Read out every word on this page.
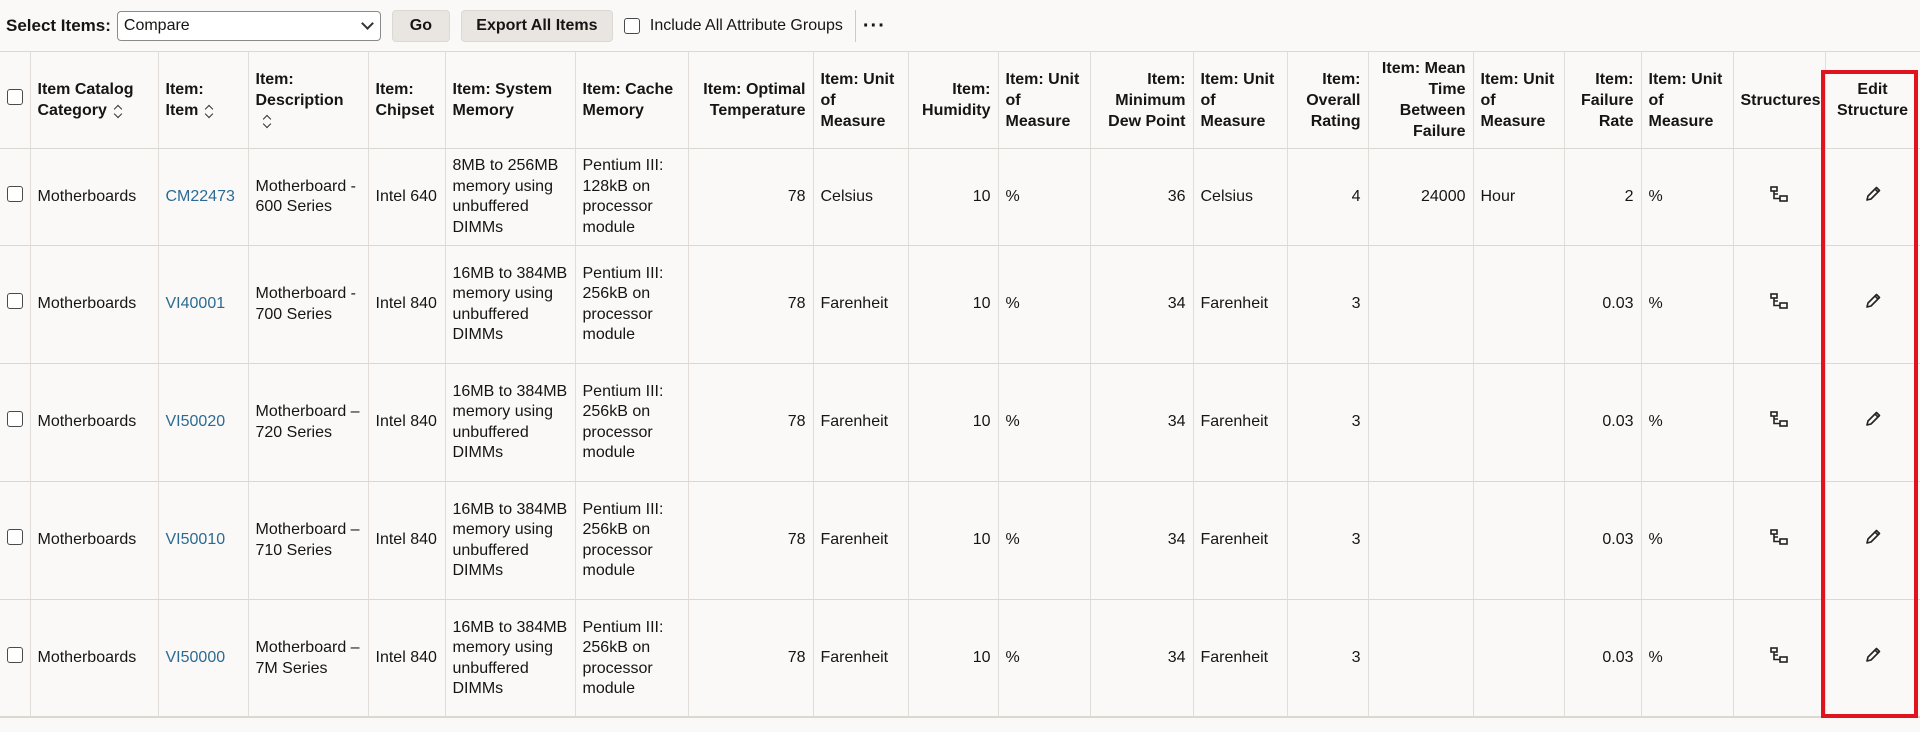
Select Items: Compare	Go	Export All Items	Include All Attribute Groups ···
	Item Catalog Category	Item: Item	Item: Description	Item: Chipset	Item: System Memory	Item: Cache Memory	Item: Optimal Temperature	Item: Unit of Measure	Item: Humidity	Item: Unit of Measure	Item: Minimum Dew Point	Item: Unit of Measure	Item: Overall Rating	Item: Mean Time Between Failure	Item: Unit of Measure	Item: Failure Rate	Item: Unit of Measure	Structures	Edit Structure
	Motherboards	CM22473	Motherboard - 600 Series	Intel 640	8MB to 256MB memory using unbuffered DIMMs	Pentium III: 128kB on processor module	78	Celsius	10	%	36	Celsius	4	24000	Hour	2	%		
	Motherboards	VI40001	Motherboard - 700 Series	Intel 840	16MB to 384MB memory using unbuffered DIMMs	Pentium III: 256kB on processor module	78	Farenheit	10	%	34	Farenheit	3			0.03	%		
	Motherboards	VI50020	Motherboard – 720 Series	Intel 840	16MB to 384MB memory using unbuffered DIMMs	Pentium III: 256kB on processor module	78	Farenheit	10	%	34	Farenheit	3			0.03	%		
	Motherboards	VI50010	Motherboard – 710 Series	Intel 840	16MB to 384MB memory using unbuffered DIMMs	Pentium III: 256kB on processor module	78	Farenheit	10	%	34	Farenheit	3			0.03	%		
	Motherboards	VI50000	Motherboard – 7M Series	Intel 840	16MB to 384MB memory using unbuffered DIMMs	Pentium III: 256kB on processor module	78	Farenheit	10	%	34	Farenheit	3			0.03	%		
